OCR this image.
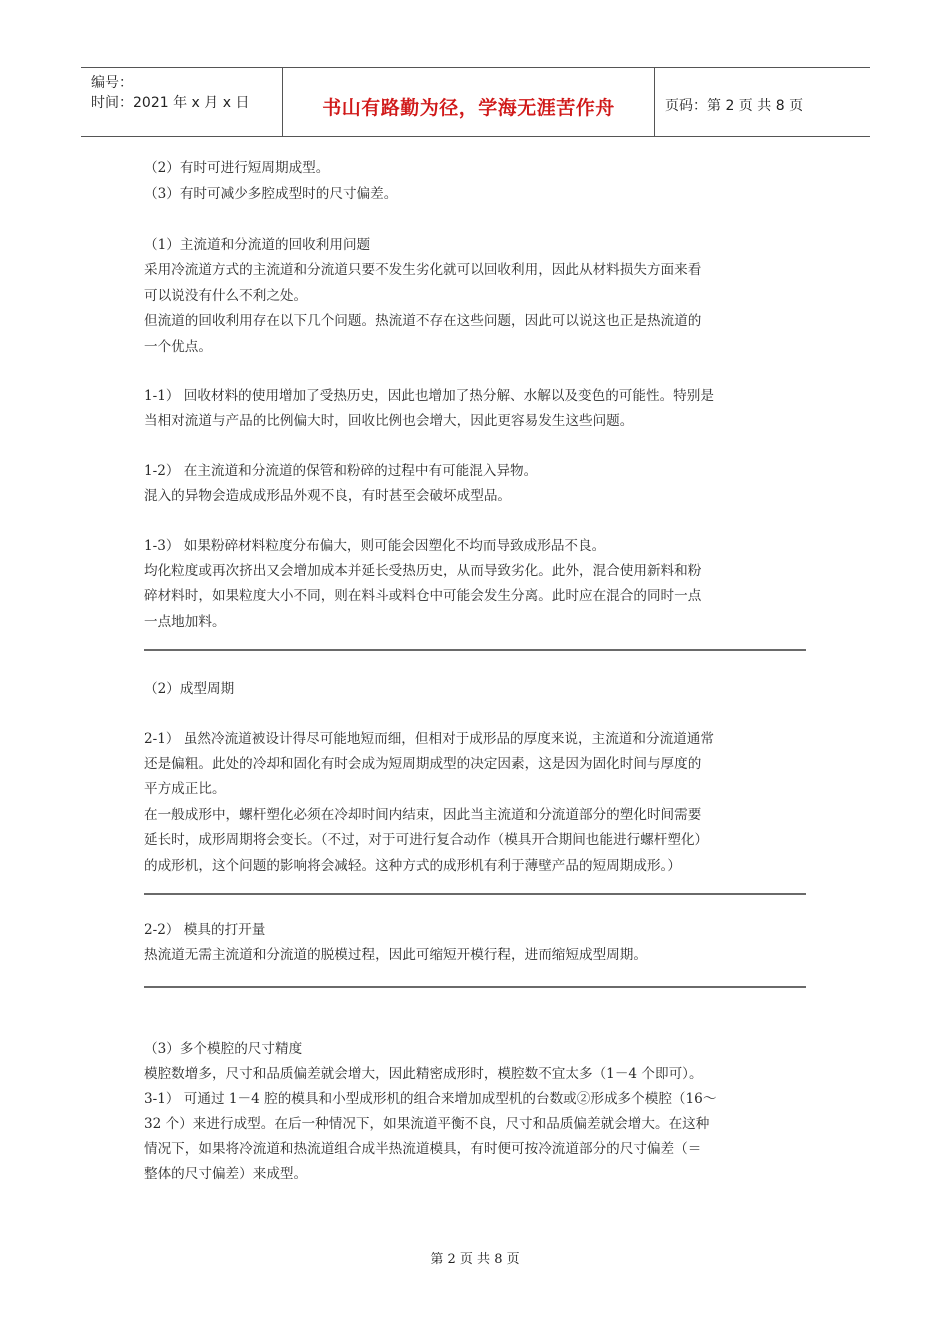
编号：
时间：2021 年 x 月 x 日	书山有路勤为径，学海无涯苦作舟	页码：第 2 页 共 8 页
（2）有时可进行短周期成型。
（3）有时可减少多腔成型时的尺寸偏差。
（1）主流道和分流道的回收利用问题
采用冷流道方式的主流道和分流道只要不发生劣化就可以回收利用，因此从材料损失方面来看
可以说没有什么不利之处。
但流道的回收利用存在以下几个问题。热流道不存在这些问题，因此可以说这也正是热流道的
一个优点。
1-1） 回收材料的使用增加了受热历史，因此也增加了热分解、水解以及变色的可能性。特别是
当相对流道与产品的比例偏大时，回收比例也会增大，因此更容易发生这些问题。
1-2） 在主流道和分流道的保管和粉碎的过程中有可能混入异物。
混入的异物会造成成形品外观不良，有时甚至会破坏成型品。
1-3） 如果粉碎材料粒度分布偏大，则可能会因塑化不均而导致成形品不良。
均化粒度或再次挤出又会增加成本并延长受热历史，从而导致劣化。此外，混合使用新料和粉
碎材料时，如果粒度大小不同，则在料斗或料仓中可能会发生分离。此时应在混合的同时一点
一点地加料。
（2）成型周期
2-1） 虽然冷流道被设计得尽可能地短而细，但相对于成形品的厚度来说，主流道和分流道通常
还是偏粗。此处的冷却和固化有时会成为短周期成型的决定因素，这是因为固化时间与厚度的
平方成正比。
在一般成形中，螺杆塑化必须在冷却时间内结束，因此当主流道和分流道部分的塑化时间需要
延长时，成形周期将会变长。（不过，对于可进行复合动作（模具开合期间也能进行螺杆塑化）
的成形机，这个问题的影响将会减轻。这种方式的成形机有利于薄壁产品的短周期成形。）
2-2） 模具的打开量
热流道无需主流道和分流道的脱模过程，因此可缩短开模行程，进而缩短成型周期。
（3）多个模腔的尺寸精度
模腔数增多，尺寸和品质偏差就会增大，因此精密成形时，模腔数不宜太多（1－4 个即可）。
3-1） 可通过 1－4 腔的模具和小型成形机的组合来增加成型机的台数或②形成多个模腔（16～
32 个）来进行成型。在后一种情况下，如果流道平衡不良，尺寸和品质偏差就会增大。在这种
情况下，如果将冷流道和热流道组合成半热流道模具，有时便可按冷流道部分的尺寸偏差（＝
整体的尺寸偏差）来成型。
第 2 页 共 8 页
